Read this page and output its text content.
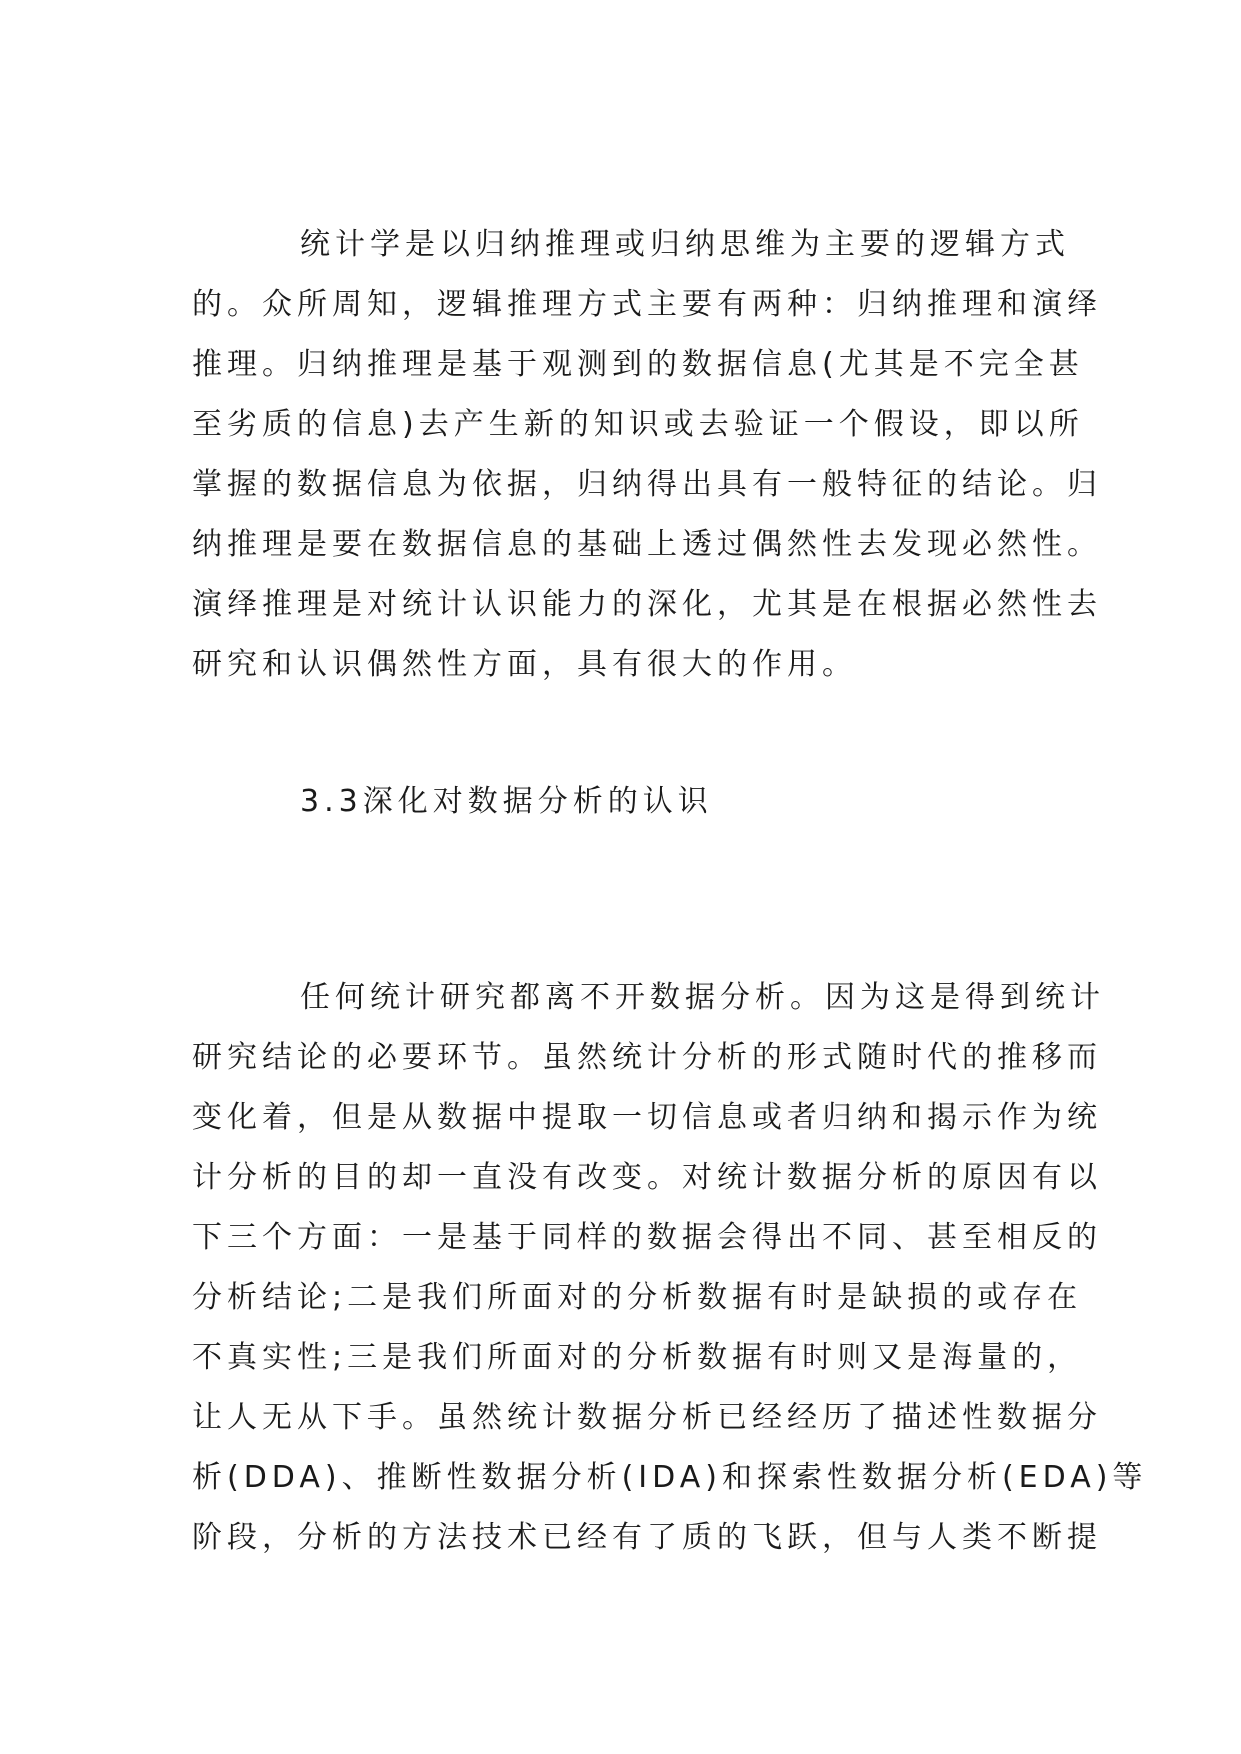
统计学是以归纳推理或归纳思维为主要的逻辑方式
的。众所周知，逻辑推理方式主要有两种：归纳推理和演绎
推理。归纳推理是基于观测到的数据信息(尤其是不完全甚
至劣质的信息)去产生新的知识或去验证一个假设，即以所
掌握的数据信息为依据，归纳得出具有一般特征的结论。归
纳推理是要在数据信息的基础上透过偶然性去发现必然性。
演绎推理是对统计认识能力的深化，尤其是在根据必然性去
研究和认识偶然性方面，具有很大的作用。
3.3深化对数据分析的认识
任何统计研究都离不开数据分析。因为这是得到统计
研究结论的必要环节。虽然统计分析的形式随时代的推移而
变化着，但是从数据中提取一切信息或者归纳和揭示作为统
计分析的目的却一直没有改变。对统计数据分析的原因有以
下三个方面：一是基于同样的数据会得出不同、甚至相反的
分析结论;二是我们所面对的分析数据有时是缺损的或存在
不真实性;三是我们所面对的分析数据有时则又是海量的，
让人无从下手。虽然统计数据分析已经经历了描述性数据分
析(DDA)、推断性数据分析(IDA)和探索性数据分析(EDA)等
阶段，分析的方法技术已经有了质的飞跃，但与人类不断提
